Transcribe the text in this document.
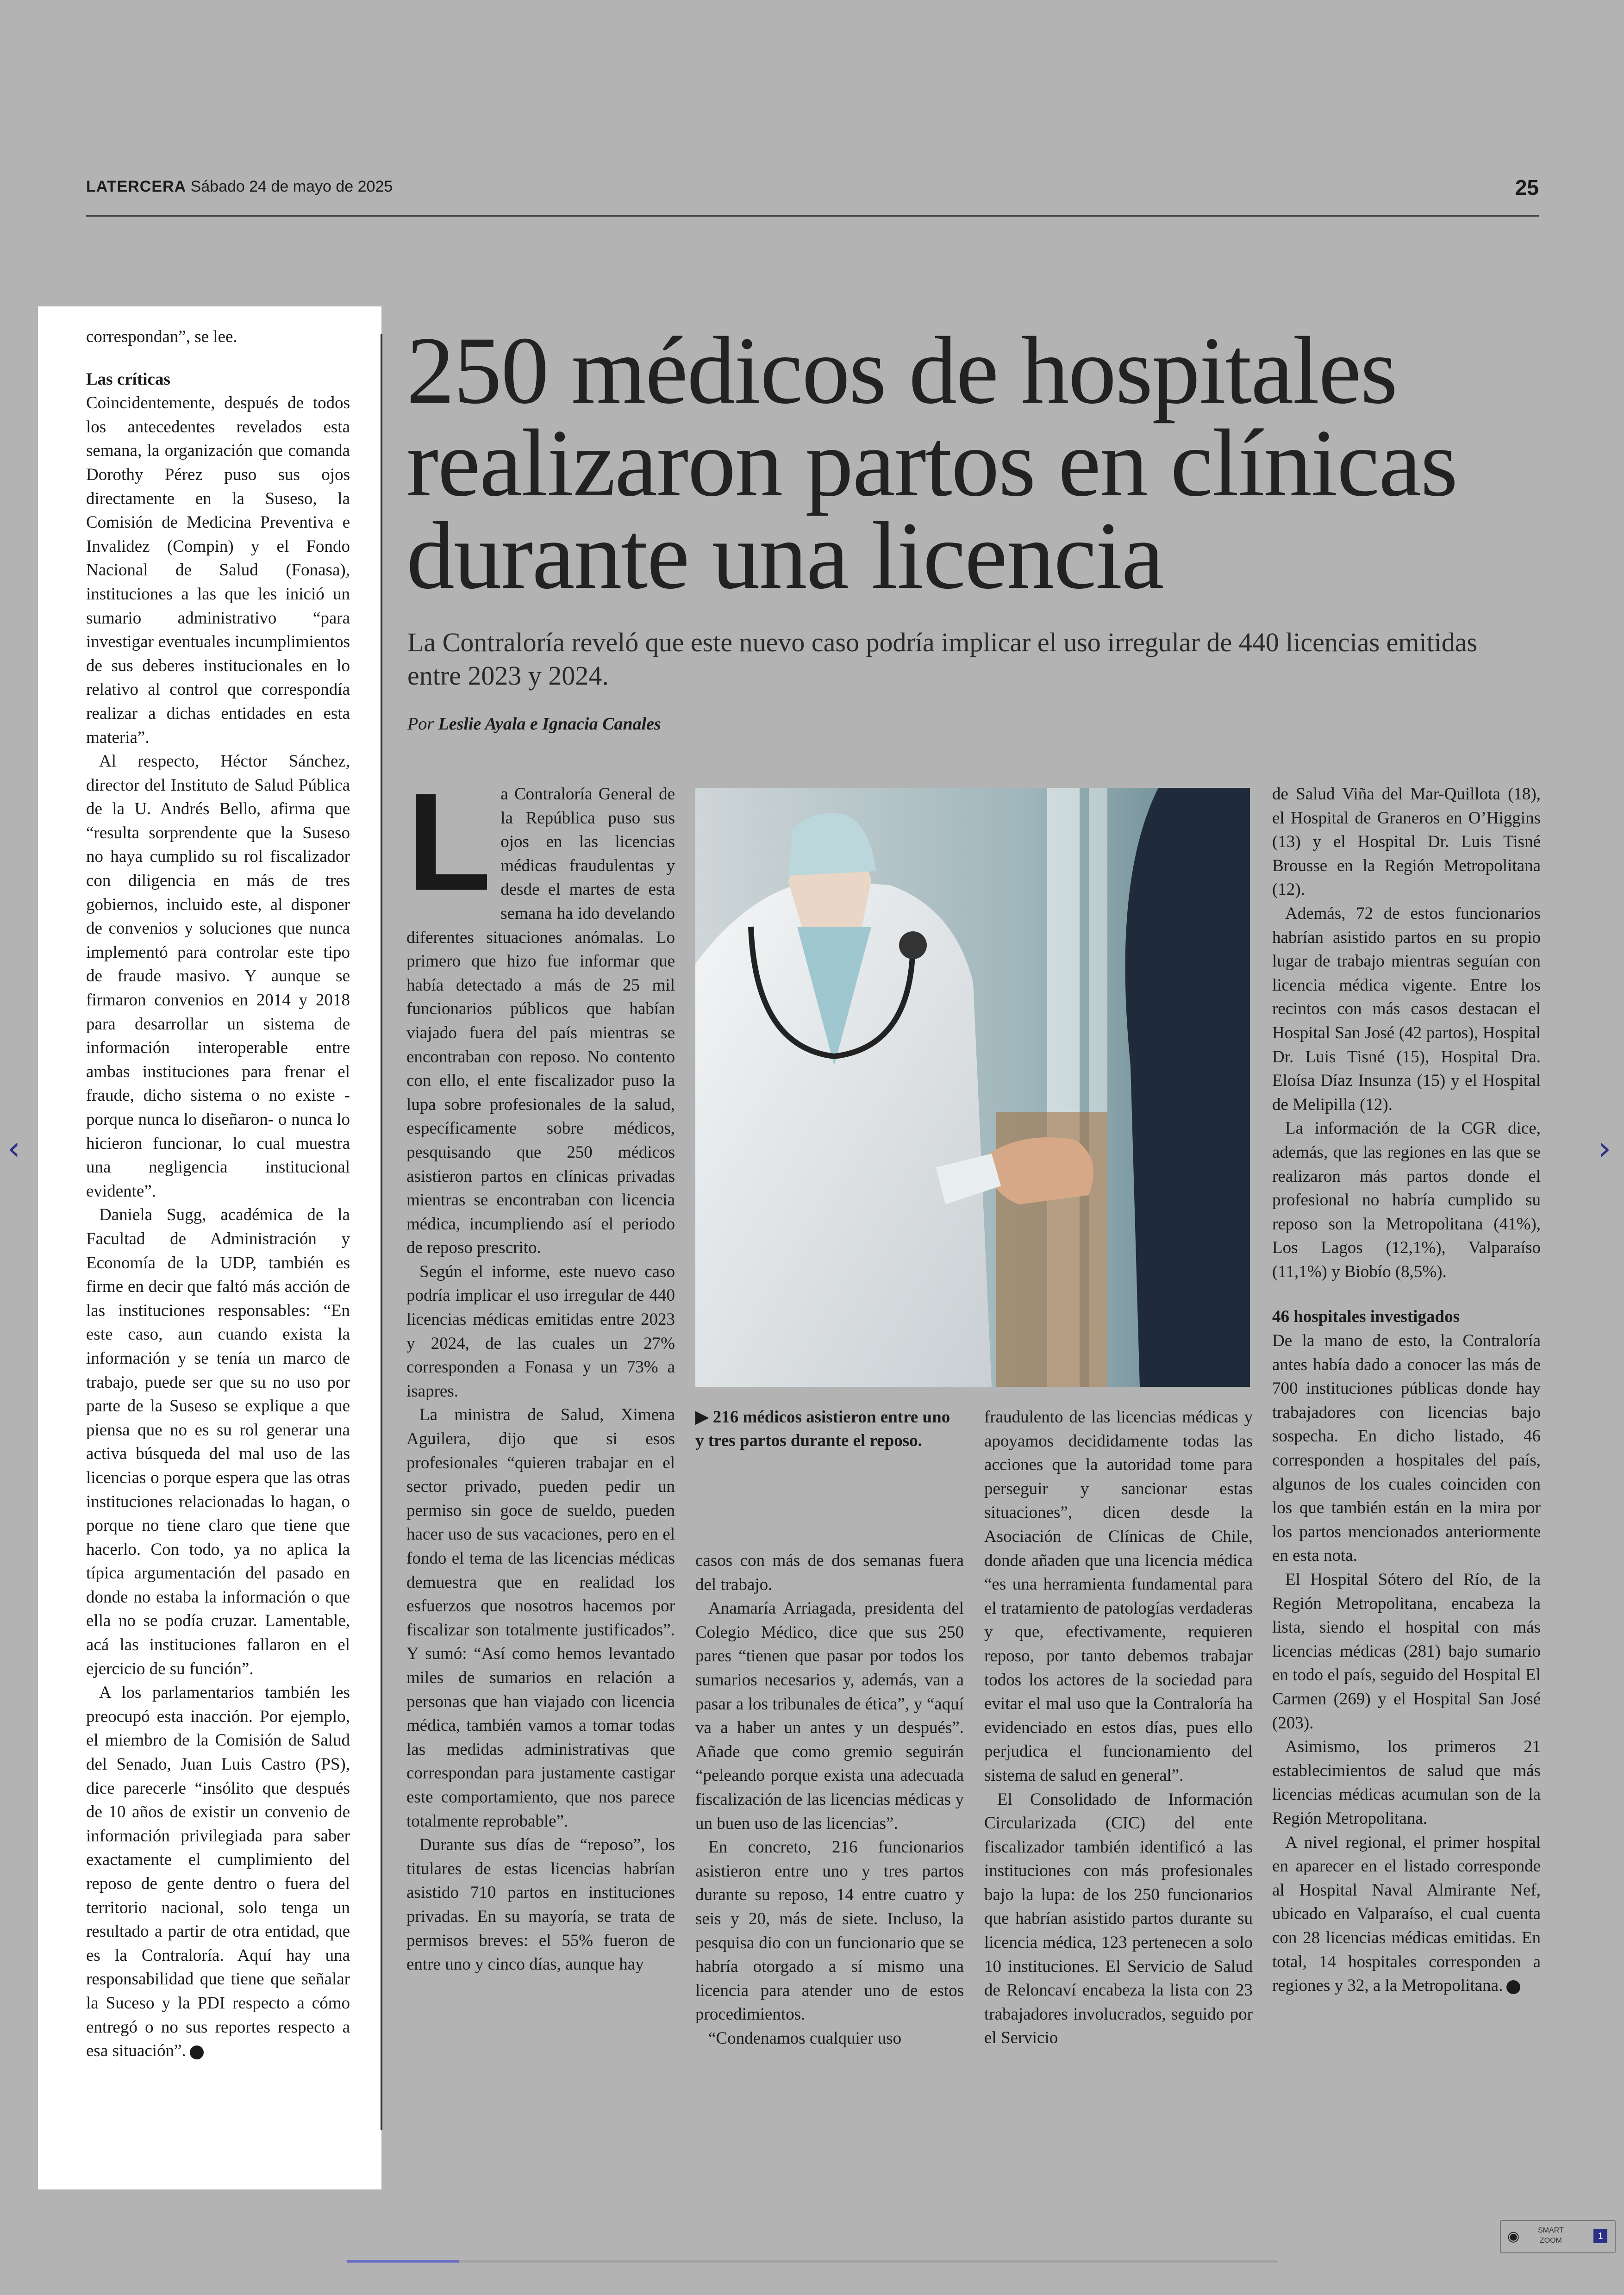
LATERCERA Sábado 24 de mayo de 2025	25

correspondan”, se lee.

Las críticas

Coincidentemente, después de todos los antecedentes revelados esta semana, la organización que comanda Dorothy Pérez puso sus ojos directamente en la Suseso, la Comisión de Medicina Preventiva e Invalidez (Compin) y el Fondo Nacional de Salud (Fonasa), instituciones a las que les inició un sumario administrativo “para investigar eventuales incumplimientos de sus deberes institucionales en lo relativo al control que correspondía realizar a dichas entidades en esta materia”.

Al respecto, Héctor Sánchez, director del Instituto de Salud Pública de la U. Andrés Bello, afirma que “resulta sorprendente que la Suseso no haya cumplido su rol fiscalizador con diligencia en más de tres gobiernos, incluido este, al disponer de convenios y soluciones que nunca implementó para controlar este tipo de fraude masivo. Y aunque se firmaron convenios en 2014 y 2018 para desarrollar un sistema de información interoperable entre ambas instituciones para frenar el fraude, dicho sistema o no existe -porque nunca lo diseñaron- o nunca lo hicieron funcionar, lo cual muestra una negligencia institucional evidente”.

Daniela Sugg, académica de la Facultad de Administración y Economía de la UDP, también es firme en decir que faltó más acción de las instituciones responsables: “En este caso, aun cuando exista la información y se tenía un marco de trabajo, puede ser que su no uso por parte de la Suseso se explique a que piensa que no es su rol generar una activa búsqueda del mal uso de las licencias o porque espera que las otras instituciones relacionadas lo hagan, o porque no tiene claro que tiene que hacerlo. Con todo, ya no aplica la típica argumentación del pasado en donde no estaba la información o que ella no se podía cruzar. Lamentable, acá las instituciones fallaron en el ejercicio de su función”.

A los parlamentarios también les preocupó esta inacción. Por ejemplo, el miembro de la Comisión de Salud del Senado, Juan Luis Castro (PS), dice parecerle “insólito que después de 10 años de existir un convenio de información privilegiada para saber exactamente el cumplimiento del reposo de gente dentro o fuera del territorio nacional, solo tenga un resultado a partir de otra entidad, que es la Contraloría. Aquí hay una responsabilidad que tiene que señalar la Suceso y la PDI respecto a cómo entregó o no sus reportes respecto a esa situación”.

250 médicos de hospitales realizaron partos en clínicas durante una licencia

La Contraloría reveló que este nuevo caso podría implicar el uso irregular de 440 licencias emitidas entre 2023 y 2024.

Por Leslie Ayala e Ignacia Canales

La Contraloría General de la República puso sus ojos en las licencias médicas fraudulentas y desde el martes de esta semana ha ido develando diferentes situaciones anómalas. Lo primero que hizo fue informar que había detectado a más de 25 mil funcionarios públicos que habían viajado fuera del país mientras se encontraban con reposo. No contento con ello, el ente fiscalizador puso la lupa sobre profesionales de la salud, específicamente sobre médicos, pesquisando que 250 médicos asistieron partos en clínicas privadas mientras se encontraban con licencia médica, incumpliendo así el periodo de reposo prescrito.

Según el informe, este nuevo caso podría implicar el uso irregular de 440 licencias médicas emitidas entre 2023 y 2024, de las cuales un 27% corresponden a Fonasa y un 73% a isapres.

La ministra de Salud, Ximena Aguilera, dijo que si esos profesionales “quieren trabajar en el sector privado, pueden pedir un permiso sin goce de sueldo, pueden hacer uso de sus vacaciones, pero en el fondo el tema de las licencias médicas demuestra que en realidad los esfuerzos que nosotros hacemos por fiscalizar son totalmente justificados”. Y sumó: “Así como hemos levantado miles de sumarios en relación a personas que han viajado con licencia médica, también vamos a tomar todas las medidas administrativas que correspondan para justamente castigar este comportamiento, que nos parece totalmente reprobable”.

Durante sus días de “reposo”, los titulares de estas licencias habrían asistido 710 partos en instituciones privadas. En su mayoría, se trata de permisos breves: el 55% fueron de entre uno y cinco días, aunque hay

▶ 216 médicos asistieron entre uno y tres partos durante el reposo.

casos con más de dos semanas fuera del trabajo.

Anamaría Arriagada, presidenta del Colegio Médico, dice que sus 250 pares “tienen que pasar por todos los sumarios necesarios y, además, van a pasar a los tribunales de ética”, y “aquí va a haber un antes y un después”. Añade que como gremio seguirán “peleando porque exista una adecuada fiscalización de las licencias médicas y un buen uso de las licencias”.

En concreto, 216 funcionarios asistieron entre uno y tres partos durante su reposo, 14 entre cuatro y seis y 20, más de siete. Incluso, la pesquisa dio con un funcionario que se habría otorgado a sí mismo una licencia para atender uno de estos procedimientos.

“Condenamos cualquier uso

fraudulento de las licencias médicas y apoyamos decididamente todas las acciones que la autoridad tome para perseguir y sancionar estas situaciones”, dicen desde la Asociación de Clínicas de Chile, donde añaden que una licencia médica “es una herramienta fundamental para el tratamiento de patologías verdaderas y que, efectivamente, requieren reposo, por tanto debemos trabajar todos los actores de la sociedad para evitar el mal uso que la Contraloría ha evidenciado en estos días, pues ello perjudica el funcionamiento del sistema de salud en general”.

El Consolidado de Información Circularizada (CIC) del ente fiscalizador también identificó a las instituciones con más profesionales bajo la lupa: de los 250 funcionarios que habrían asistido partos durante su licencia médica, 123 pertenecen a solo 10 instituciones. El Servicio de Salud de Reloncaví encabeza la lista con 23 trabajadores involucrados, seguido por el Servicio

de Salud Viña del Mar-Quillota (18), el Hospital de Graneros en O’Higgins (13) y el Hospital Dr. Luis Tisné Brousse en la Región Metropolitana (12).

Además, 72 de estos funcionarios habrían asistido partos en su propio lugar de trabajo mientras seguían con licencia médica vigente. Entre los recintos con más casos destacan el Hospital San José (42 partos), Hospital Dr. Luis Tisné (15), Hospital Dra. Eloísa Díaz Insunza (15) y el Hospital de Melipilla (12).

La información de la CGR dice, además, que las regiones en las que se realizaron más partos donde el profesional no habría cumplido su reposo son la Metropolitana (41%), Los Lagos (12,1%), Valparaíso (11,1%) y Biobío (8,5%).

46 hospitales investigados

De la mano de esto, la Contraloría antes había dado a conocer las más de 700 instituciones públicas donde hay trabajadores con licencias bajo sospecha. En dicho listado, 46 corresponden a hospitales del país, algunos de los cuales coinciden con los que también están en la mira por los partos mencionados anteriormente en esta nota.

El Hospital Sótero del Río, de la Región Metropolitana, encabeza la lista, siendo el hospital con más licencias médicas (281) bajo sumario en todo el país, seguido del Hospital El Carmen (269) y el Hospital San José (203).

Asimismo, los primeros 21 establecimientos de salud que más licencias médicas acumulan son de la Región Metropolitana.

A nivel regional, el primer hospital en aparecer en el listado corresponde al Hospital Naval Almirante Nef, ubicado en Valparaíso, el cual cuenta con 28 licencias médicas emitidas. En total, 14 hospitales corresponden a regiones y 32, a la Metropolitana.

‹	›
◉ SMART
ZOOM	1
